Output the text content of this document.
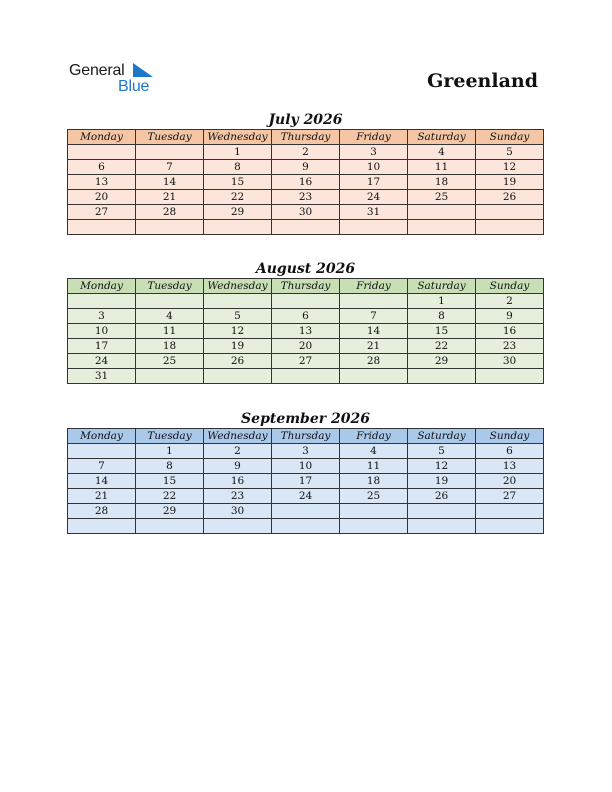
General
Blue	Greenland
July 2026
Monday	Tuesday	Wednesday	Thursday	Friday	Saturday	Sunday
		1	2	3	4	5
6	7	8	9	10	11	12
13	14	15	16	17	18	19
20	21	22	23	24	25	26
27	28	29	30	31		

August 2026
Monday	Tuesday	Wednesday	Thursday	Friday	Saturday	Sunday
					1	2
3	4	5	6	7	8	9
10	11	12	13	14	15	16
17	18	19	20	21	22	23
24	25	26	27	28	29	30
31						
September 2026
Monday	Tuesday	Wednesday	Thursday	Friday	Saturday	Sunday
	1	2	3	4	5	6
7	8	9	10	11	12	13
14	15	16	17	18	19	20
21	22	23	24	25	26	27
28	29	30				
